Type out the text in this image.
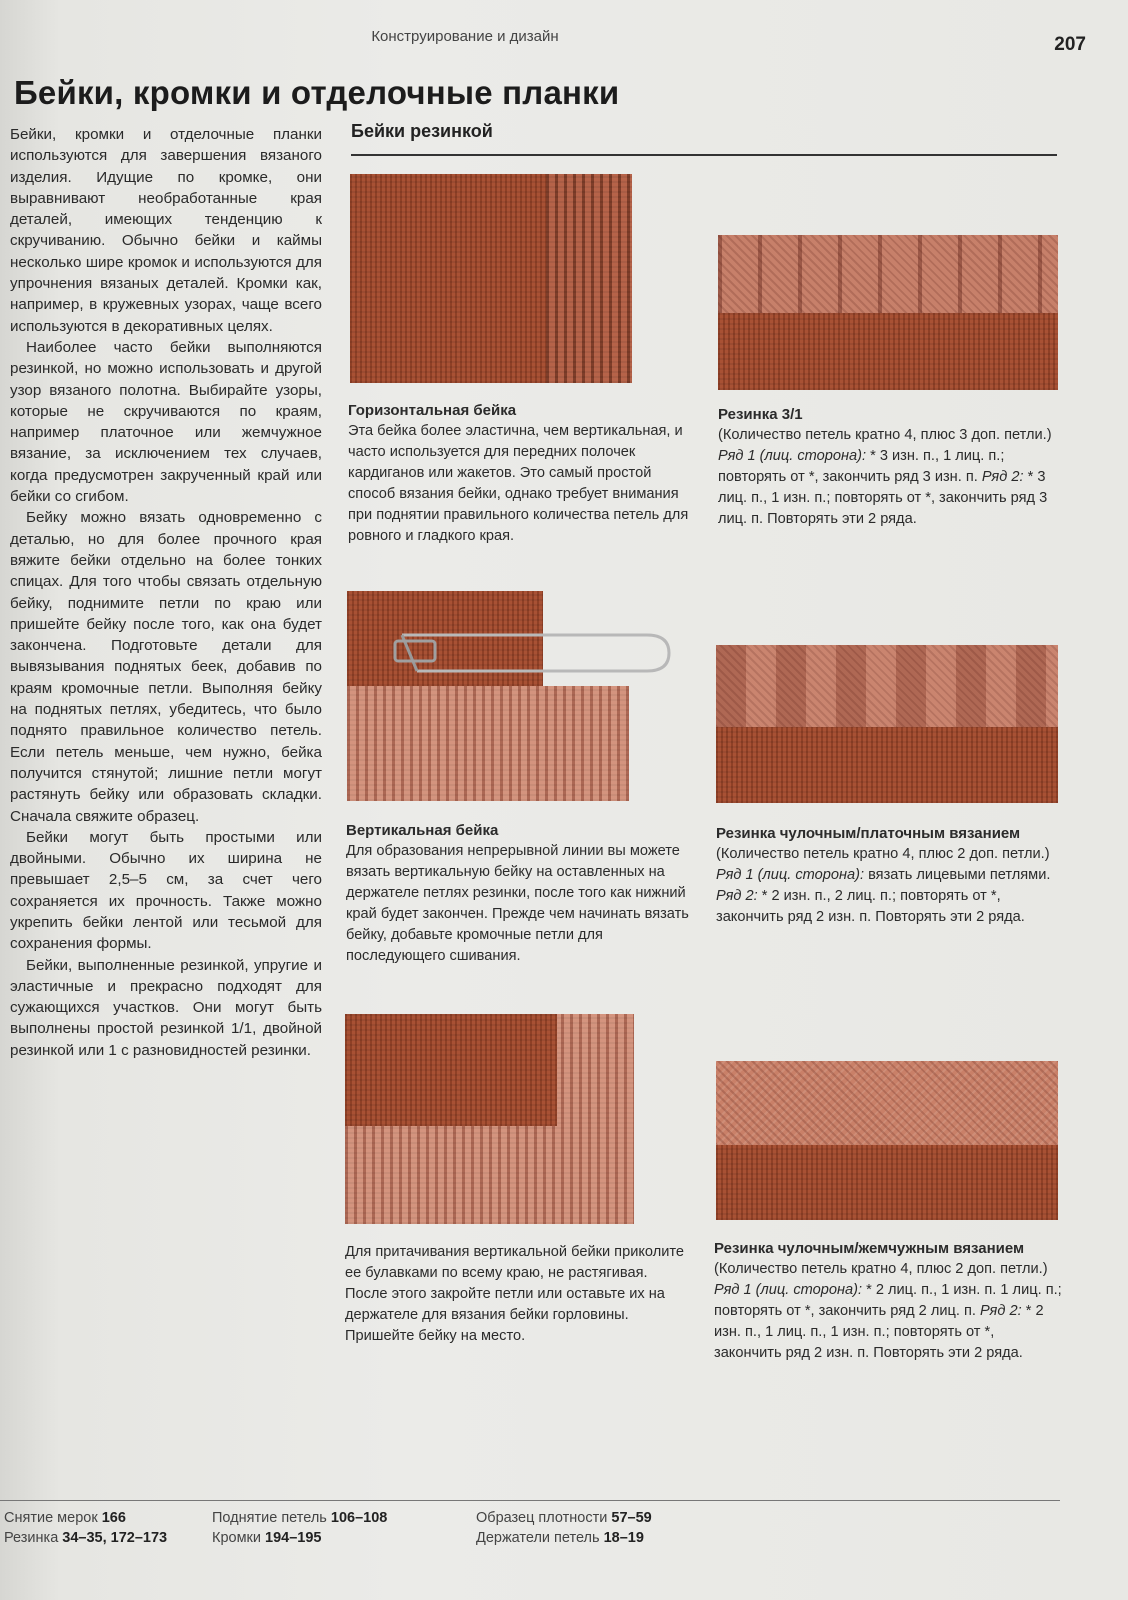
Конструирование и дизайн	207
Бейки, кромки и отделочные планки

Бейки, кромки и отделочные планки используются для завершения вязаного изделия. Идущие по кромке, они выравнивают необработанные края деталей, имеющих тенденцию к скручиванию. Обычно бейки и каймы несколько шире кромок и используются для упрочнения вязаных деталей. Кромки как, например, в кружевных узорах, чаще всего используются в декоративных целях.

Наиболее часто бейки выполняются резинкой, но можно использовать и другой узор вязаного полотна. Выбирайте узоры, которые не скручиваются по краям, например платочное или жемчужное вязание, за исключением тех случаев, когда предусмотрен закрученный край или бейки со сгибом.

Бейку можно вязать одновременно с деталью, но для более прочного края вяжите бейки отдельно на более тонких спицах. Для того чтобы связать отдельную бейку, поднимите петли по краю или пришейте бейку после того, как она будет закончена. Подготовьте детали для вывязывания поднятых беек, добавив по краям кромочные петли. Выполняя бейку на поднятых петлях, убедитесь, что было поднято правильное количество петель. Если петель меньше, чем нужно, бейка получится стянутой; лишние петли могут растянуть бейку или образовать складки. Сначала свяжите образец.

Бейки могут быть простыми или двойными. Обычно их ширина не превышает 2,5–5 см, за счет чего сохраняется их прочность. Также можно укрепить бейки лентой или тесьмой для сохранения формы.

Бейки, выполненные резинкой, упругие и эластичные и прекрасно подходят для сужающихся участков. Они могут быть выполнены простой резинкой 1/1, двойной резинкой или 1 с разновидностей резинки.

Бейки резинкой
Горизонтальная бейка
Эта бейка более эластична, чем вертикальная, и часто используется для передних полочек кардиганов или жакетов. Это самый простой способ вязания бейки, однако требует внимания при поднятии правильного количества петель для ровного и гладкого края.
Резинка 3/1
(Количество петель кратно 4, плюс 3 доп. петли.) Ряд 1 (лиц. сторона): * 3 изн. п., 1 лиц. п.; повторять от *, закончить ряд 3 изн. п. Ряд 2: * 3 лиц. п., 1 изн. п.; повторять от *, закончить ряд 3 лиц. п. Повторять эти 2 ряда.
Вертикальная бейка
Для образования непрерывной линии вы можете вязать вертикальную бейку на оставленных на держателе петлях резинки, после того как нижний край будет закончен. Прежде чем начинать вязать бейку, добавьте кромочные петли для последующего сшивания.
Резинка чулочным/платочным вязанием
(Количество петель кратно 4, плюс 2 доп. петли.) Ряд 1 (лиц. сторона): вязать лицевыми петлями. Ряд 2: * 2 изн. п., 2 лиц. п.; повторять от *, закончить ряд 2 изн. п. Повторять эти 2 ряда.
Для притачивания вертикальной бейки приколите ее булавками по всему краю, не растягивая. После этого закройте петли или оставьте их на держателе для вязания бейки горловины. Пришейте бейку на место.
Резинка чулочным/жемчужным вязанием
(Количество петель кратно 4, плюс 2 доп. петли.) Ряд 1 (лиц. сторона): * 2 лиц. п., 1 изн. п. 1 лиц. п.; повторять от *, закончить ряд 2 лиц. п. Ряд 2: * 2 изн. п., 1 лиц. п., 1 изн. п.; повторять от *, закончить ряд 2 изн. п. Повторять эти 2 ряда.
Снятие мерок 166
Резинка 34–35, 172–173
Поднятие петель 106–108
Кромки 194–195
Образец плотности 57–59
Держатели петель 18–19
